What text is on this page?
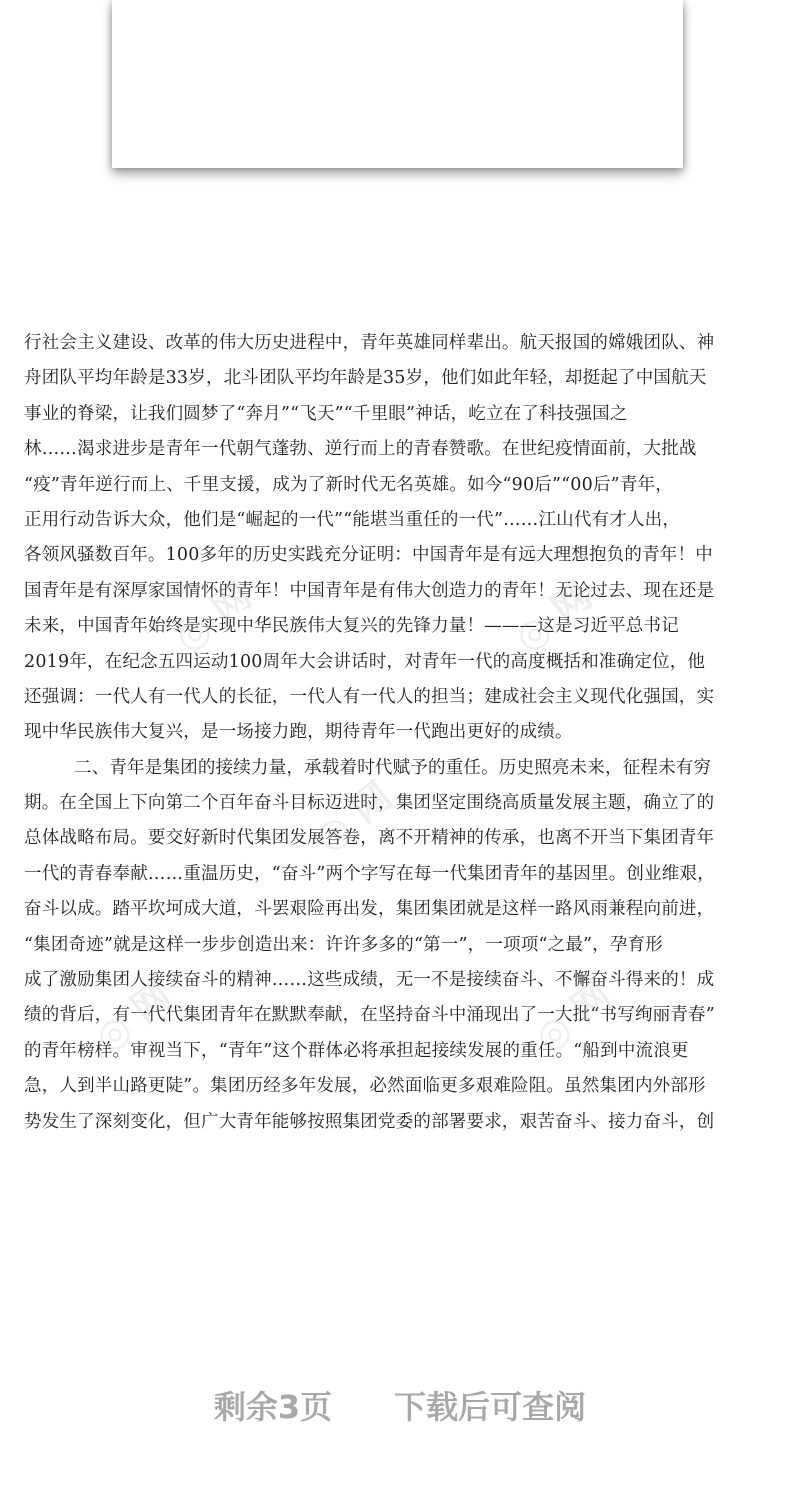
行社会主义建设、改革的伟大历史进程中，青年英雄同样辈出。航天报国的嫦娥团队、神
舟团队平均年龄是33岁，北斗团队平均年龄是35岁，他们如此年轻，却挺起了中国航天
事业的脊梁，让我们圆梦了“奔月”“飞天”“千里眼”神话，屹立在了科技强国之
林……渴求进步是青年一代朝气蓬勃、逆行而上的青春赞歌。在世纪疫情面前，大批战
“疫”青年逆行而上、千里支援，成为了新时代无名英雄。如今“90后”“00后”青年，
正用行动告诉大众，他们是“崛起的一代”“能堪当重任的一代”……江山代有才人出，
各领风骚数百年。100多年的历史实践充分证明：中国青年是有远大理想抱负的青年！中
国青年是有深厚家国情怀的青年！中国青年是有伟大创造力的青年！无论过去、现在还是
未来，中国青年始终是实现中华民族伟大复兴的先锋力量！———这是习近平总书记
2019年，在纪念五四运动100周年大会讲话时，对青年一代的高度概括和准确定位，他
还强调：一代人有一代人的长征，一代人有一代人的担当；建成社会主义现代化强国，实
现中华民族伟大复兴，是一场接力跑，期待青年一代跑出更好的成绩。
二、青年是集团的接续力量，承载着时代赋予的重任。历史照亮未来，征程未有穷
期。在全国上下向第二个百年奋斗目标迈进时，集团坚定围绕高质量发展主题，确立了的
总体战略布局。要交好新时代集团发展答卷，离不开精神的传承，也离不开当下集团青年
一代的青春奉献……重温历史，“奋斗”两个字写在每一代集团青年的基因里。创业维艰，
奋斗以成。踏平坎坷成大道，斗罢艰险再出发，集团集团就是这样一路风雨兼程向前进，
“集团奇迹”就是这样一步步创造出来：许许多多的“第一”，一项项“之最”，孕育形
成了激励集团人接续奋斗的精神……这些成绩，无一不是接续奋斗、不懈奋斗得来的！成
绩的背后，有一代代集团青年在默默奉献，在坚持奋斗中涌现出了一大批“书写绚丽青春”
的青年榜样。审视当下，“青年”这个群体必将承担起接续发展的重任。“船到中流浪更
急，人到半山路更陡”。集团历经多年发展，必然面临更多艰难险阻。虽然集团内外部形
势发生了深刻变化，但广大青年能够按照集团党委的部署要求，艰苦奋斗、接力奋斗，创
◎ 网
◎ 网
◎ 网
◎ 网
◎ 网
剩余3页 下载后可查阅
